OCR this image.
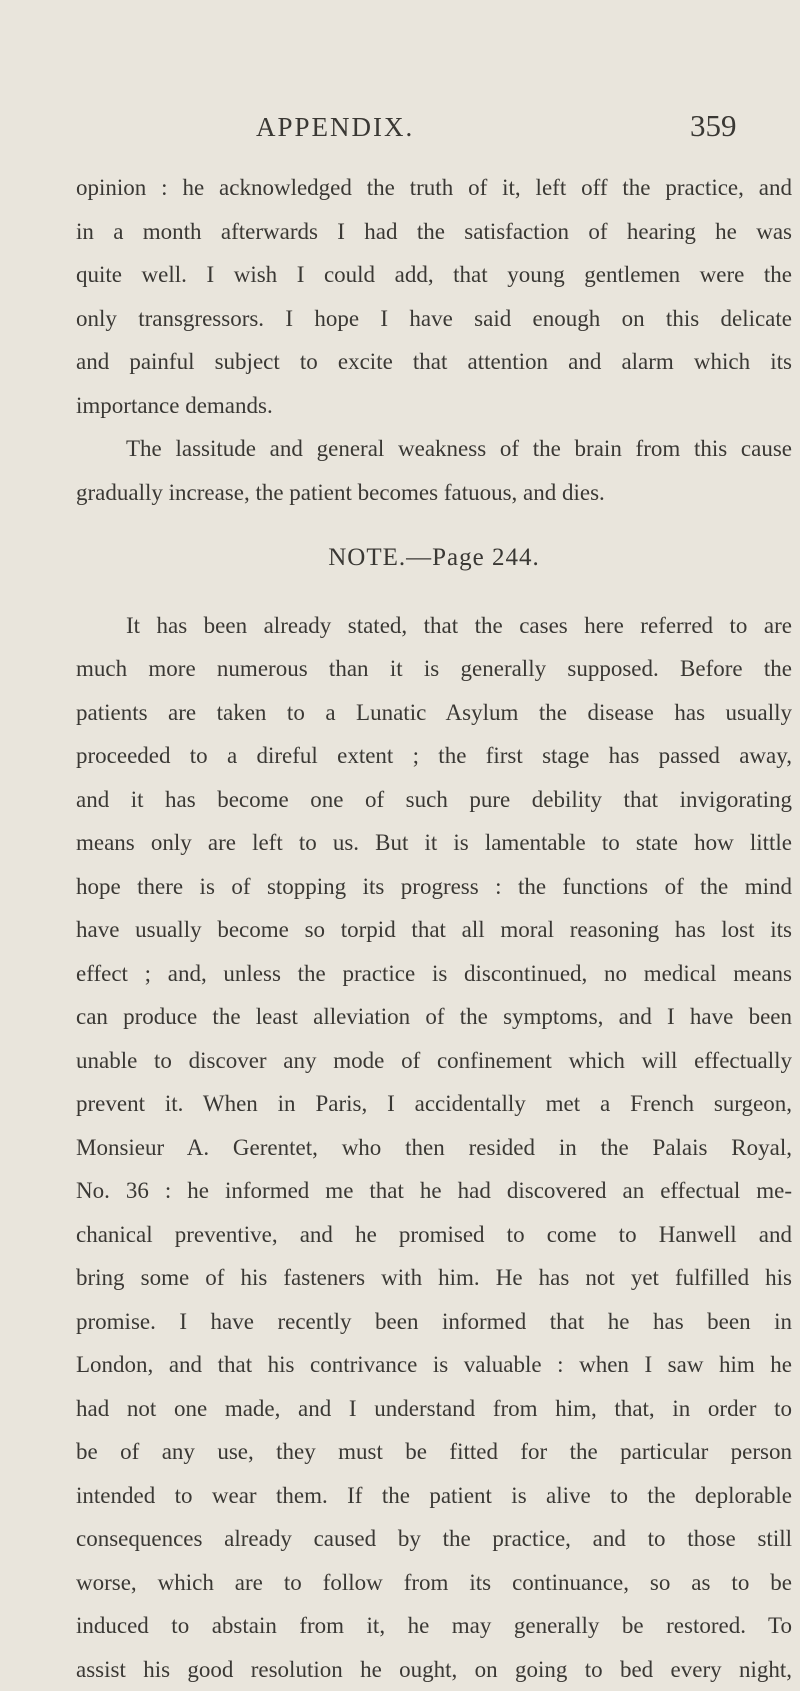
APPENDIX.	359
opinion : he acknowledged the truth of it, left off the practice, and
in a month afterwards I had the satisfaction of hearing he was
quite well. I wish I could add, that young gentlemen were the
only transgressors. I hope I have said enough on this delicate
and painful subject to excite that attention and alarm which its
importance demands.
The lassitude and general weakness of the brain from this cause
gradually increase, the patient becomes fatuous, and dies.
NOTE.—Page 244.
It has been already stated, that the cases here referred to are
much more numerous than it is generally supposed. Before the
patients are taken to a Lunatic Asylum the disease has usually
proceeded to a direful extent ; the first stage has passed away,
and it has become one of such pure debility that invigorating
means only are left to us. But it is lamentable to state how little
hope there is of stopping its progress : the functions of the mind
have usually become so torpid that all moral reasoning has lost its
effect ; and, unless the practice is discontinued, no medical means
can produce the least alleviation of the symptoms, and I have been
unable to discover any mode of confinement which will effectually
prevent it. When in Paris, I accidentally met a French surgeon,
Monsieur A. Gerentet, who then resided in the Palais Royal,
No. 36 : he informed me that he had discovered an effectual me-
chanical preventive, and he promised to come to Hanwell and
bring some of his fasteners with him. He has not yet fulfilled his
promise. I have recently been informed that he has been in
London, and that his contrivance is valuable : when I saw him he
had not one made, and I understand from him, that, in order to
be of any use, they must be fitted for the particular person
intended to wear them. If the patient is alive to the deplorable
consequences already caused by the practice, and to those still
worse, which are to follow from its continuance, so as to be
induced to abstain from it, he may generally be restored. To
assist his good resolution he ought, on going to bed every night,
